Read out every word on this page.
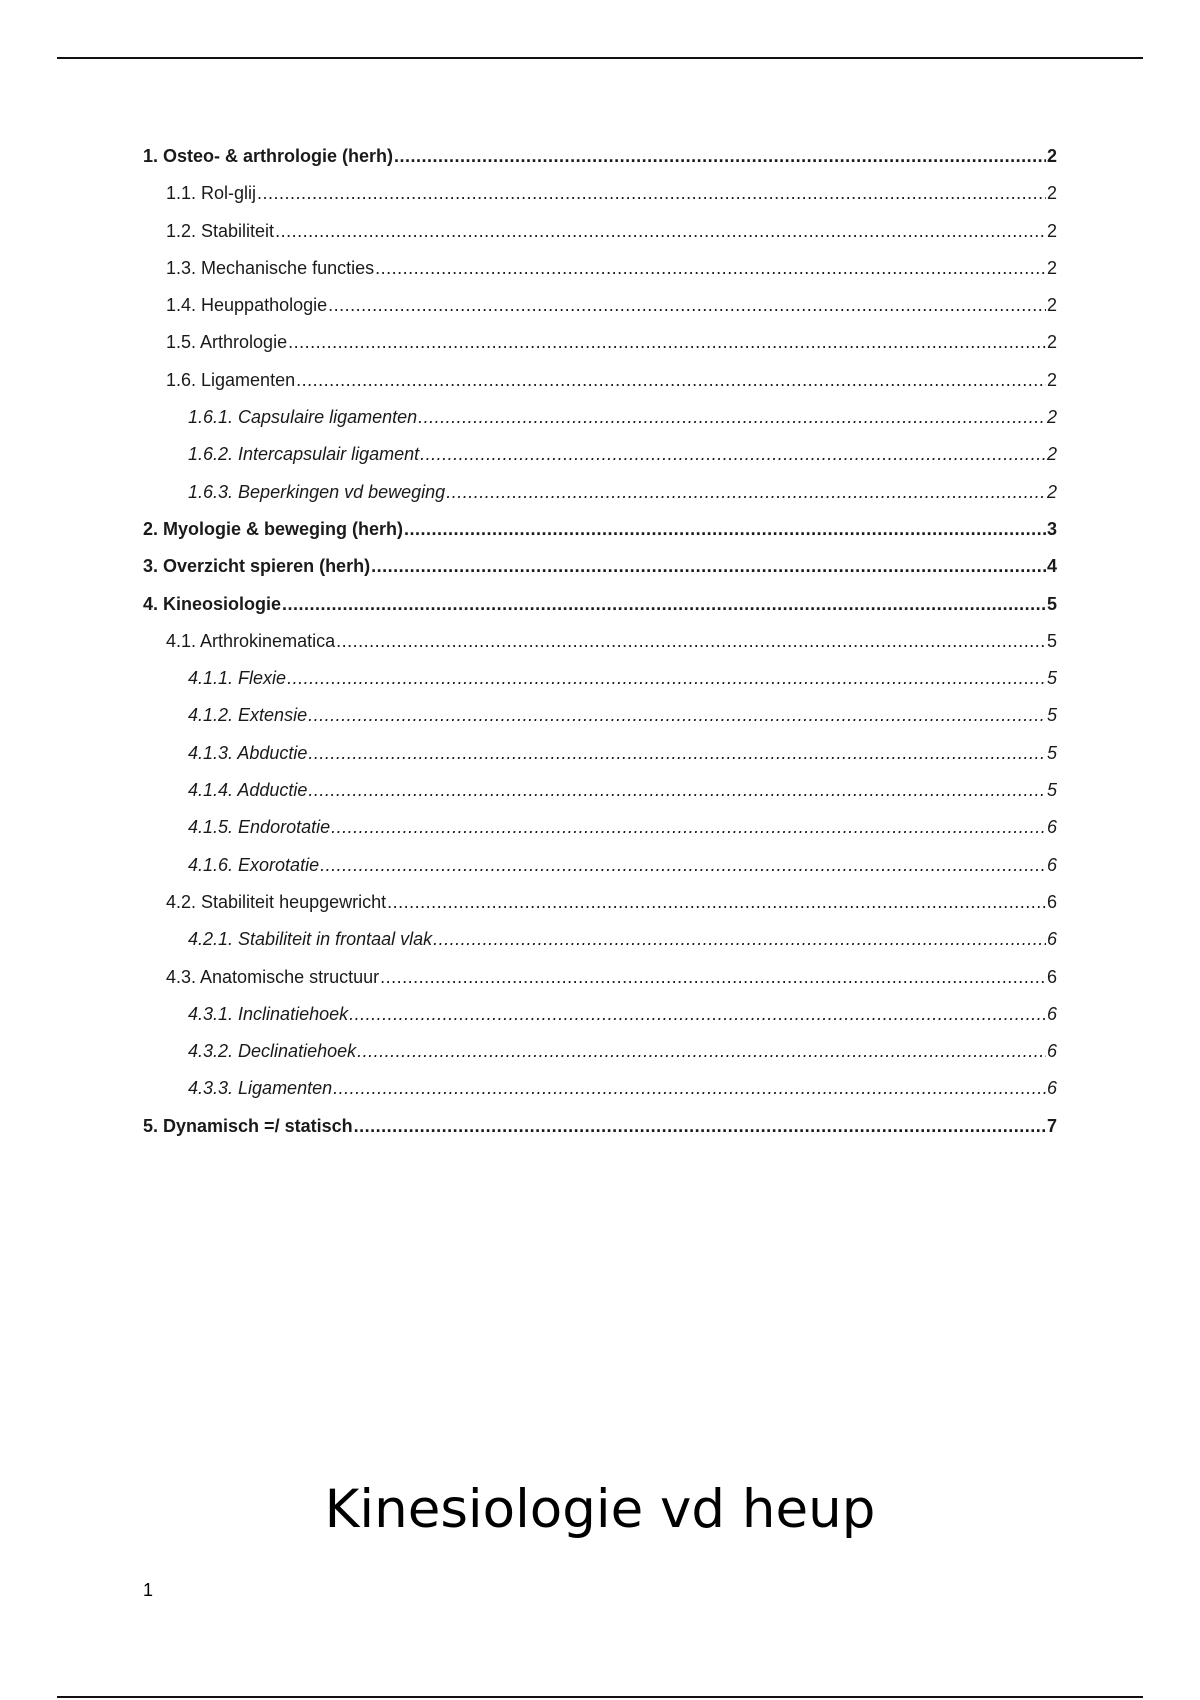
1. Osteo- & arthrologie (herh) .....	2
1.1. Rol-glij .....	2
1.2. Stabiliteit .....	2
1.3. Mechanische functies .....	2
1.4. Heuppathologie .....	2
1.5. Arthrologie .....	2
1.6. Ligamenten .....	2
1.6.1. Capsulaire ligamenten .....	2
1.6.2. Intercapsulair ligament .....	2
1.6.3. Beperkingen vd beweging .....	2
2. Myologie & beweging (herh) .....	3
3. Overzicht spieren (herh) .....	4
4. Kineosiologie .....	5
4.1. Arthrokinematica .....	5
4.1.1. Flexie .....	5
4.1.2. Extensie .....	5
4.1.3. Abductie .....	5
4.1.4. Adductie .....	5
4.1.5. Endorotatie .....	6
4.1.6. Exorotatie .....	6
4.2. Stabiliteit heupgewricht .....	6
4.2.1. Stabiliteit in frontaal vlak .....	6
4.3. Anatomische structuur .....	6
4.3.1. Inclinatiehoek .....	6
4.3.2. Declinatiehoek .....	6
4.3.3. Ligamenten .....	6
5. Dynamisch =/ statisch .....	7
Kinesiologie vd heup
1
